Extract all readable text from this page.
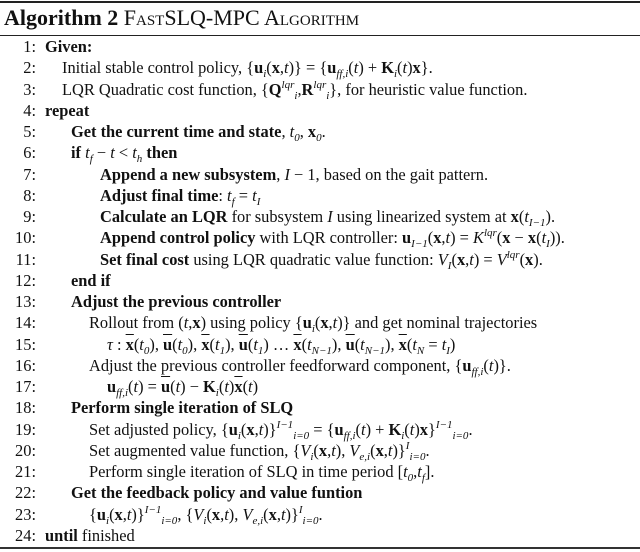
Algorithm 2 FastSLQ-MPC Algorithm
1: Given:
2: Initial stable control policy, $\{u_i(x,t)\} = \{u_{ff,i}(t) + K_i(t)x\}$.
3: LQR Quadratic cost function, $\{Q^{lqr}_i,R^{lqr}_i\}$, for heuristic value function.
4: repeat
5: Get the current time and state, $t_0$, $x_0$.
6: if $t_f - t < t_h$ then
7:	Append a new subsystem, I − 1, based on the gait pattern.
8:	Adjust final time: $t_f = t_I$
9:	Calculate an LQR for subsystem I using linearized system at $x(t_{I-1})$.
10:	Append control policy with LQR controller: $u_{I-1}(x,t) = K^{lqr}(x - x(t_I))$.
11:	Set final cost using LQR quadratic value function: $V_I(x,t) = V^{lqr}(x)$.
12: end if
13: Adjust the previous controller
14:	Rollout from (t,x) using policy $\{u_i(x,t)\}$ and get nominal trajectories
15:	τ : $\overline{x}(t_0)$, $\overline{u}(t_0)$, $\overline{x}(t_1)$, $\overline{u}(t_1)$ … $\overline{x}(t_{N-1})$, $\overline{u}(t_{N-1})$, $\overline{x}(t_N = t_I)$
16:	Adjust the previous controller feedforward component, $\{u_{ff,i}(t)\}$.
17:	$u_{ff,i}(t) = \overline{u}(t) - K_i(t)\overline{x}(t)$
18: Perform single iteration of SLQ
19:	Set adjusted policy, $\{u_i(x,t)\}^{I-1}_{i=0} = \{u_{ff,i}(t) + K_i(t)x\}^{I-1}_{i=0}$.
20:	Set augmented value function, {$V_i(x,t)$, $V_{e,i}(x,t)\}^I_{i=0}$.
21:	Perform single iteration of SLQ in time period $[t_0,t_f]$.
22: Get the feedback policy and value funtion
23:	$\{u_i(x,t)\}^{I-1}_{i=0}$, {$V_i(x,t)$, $V_{e,i}(x,t)\}^I_{i=0}$.
24: until finished
